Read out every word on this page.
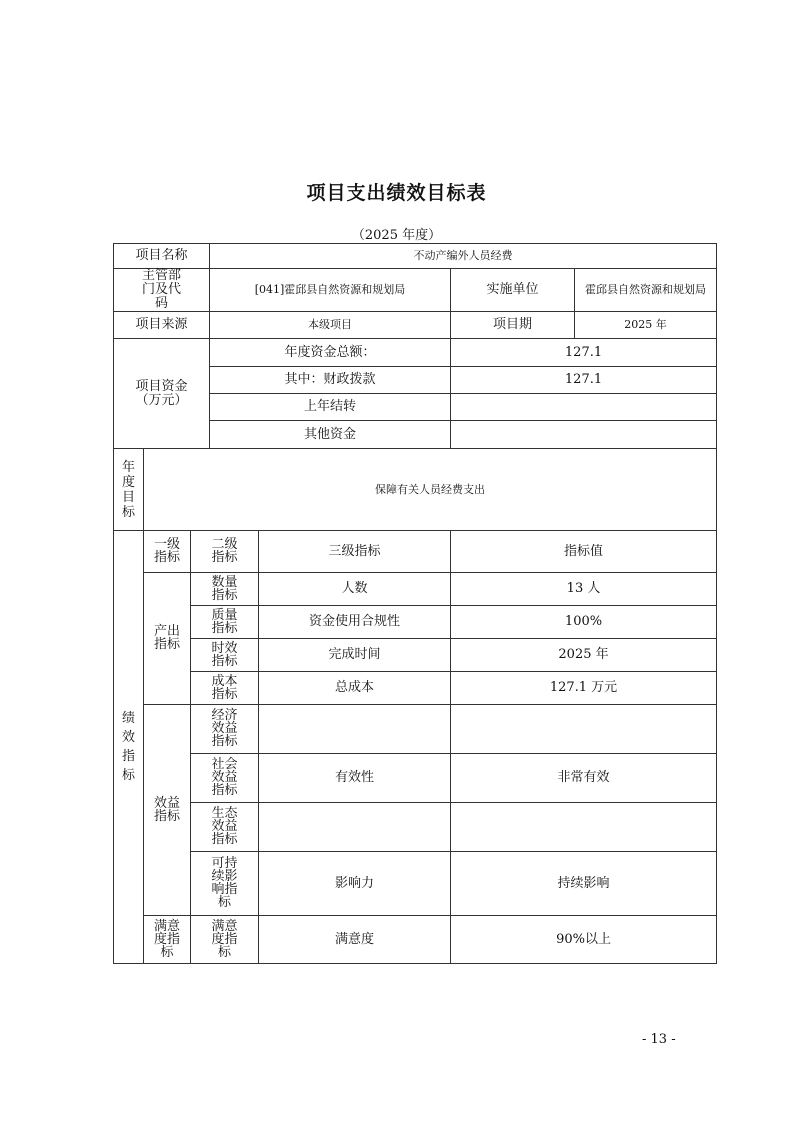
项目支出绩效目标表
（2025 年度）
项目名称			不动产编外人员经费			
主管部门及代码			[041]霍邱县自然资源和规划局		实施单位	霍邱县自然资源和规划局
项目来源			本级项目		项目期	2025 年
项目资金（万元）			年度资金总额：		127.1	
			其中：财政拨款		127.1	
			上年结转			
			其他资金			
年度目标	保障有关人员经费支出					
绩效指标	一级指标	二级指标		三级指标	指标值	
	产出指标	数量指标		人数	13 人	
		质量指标		资金使用合规性	100%	
		时效指标		完成时间	2025 年	
		成本指标		总成本	127.1 万元	
	效益指标	经济效益指标				
		社会效益指标		有效性	非常有效	
		生态效益指标				
		可持续影响指标		影响力	持续影响	
	满意度指标	满意度指标		满意度	90%以上	
- 13 -
